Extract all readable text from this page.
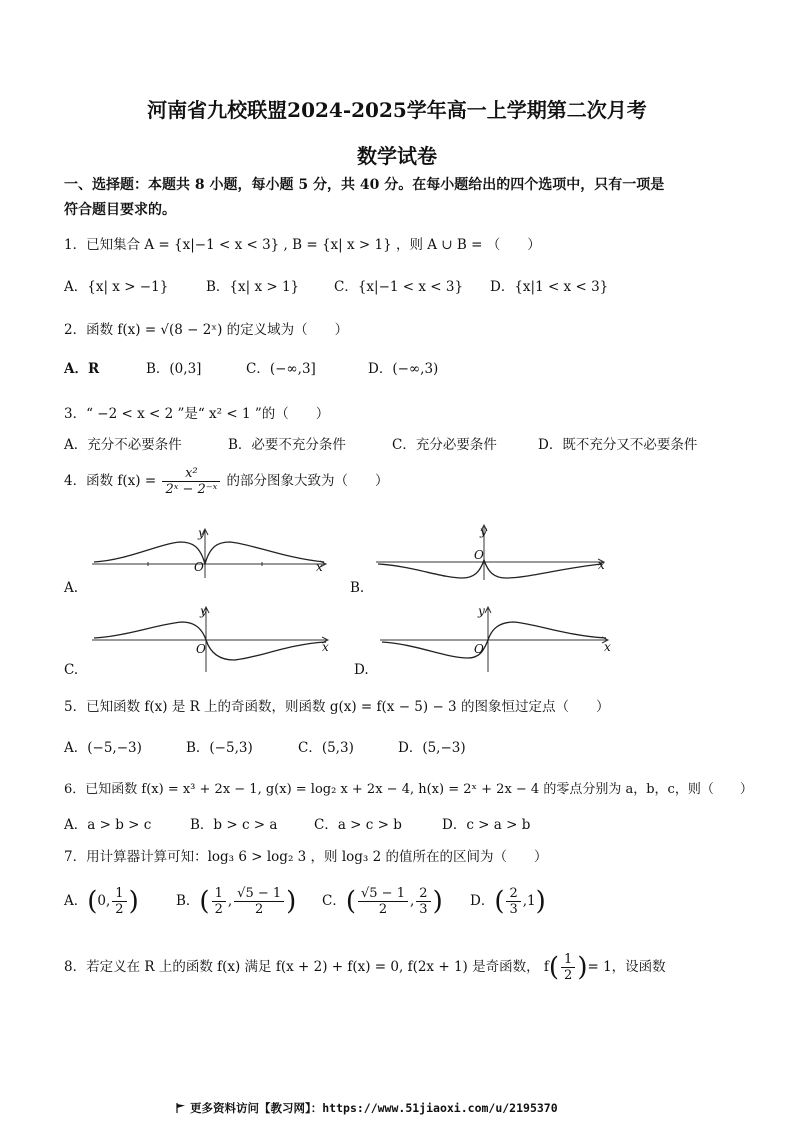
河南省九校联盟2024-2025学年高一上学期第二次月考
数学试卷
一、选择题：本题共 8 小题，每小题 5 分，共 40 分。在每小题给出的四个选项中，只有一项是
符合题目要求的。
1．已知集合 A = {x|−1 < x < 3} , B = {x| x > 1} ，则 A ∪ B = （　　）
A．{x| x > −1}	B．{x| x > 1}	C．{x|−1 < x < 3} D．{x|1 < x < 3}
2．函数 f(x) = √(8 − 2ˣ) 的定义域为（　　）
A．R	B．(0,3]	C．(−∞,3]	D．(−∞,3)
3．“ −2 < x < 2 ”是“ x² < 1 ”的（　　）
A．充分不必要条件	B．必要不充分条件	C．充分必要条件	D．既不充分又不必要条件
4．函数 $f(x) = \frac{\text{x²}}{\text{2ˣ − 2⁻ˣ}}$ 的部分图象大致为（　　）
y
O	x
A.
y
O
x
B.
y
O	x
C.
y
O	x
D.
5．已知函数 f(x) 是 R 上的奇函数，则函数 g(x) = f(x − 5) − 3 的图象恒过定点（　　）
A．(−5,−3)	B．(−5,3)	C．(5,3)	D．(5,−3)
6．已知函数 f(x) = x³ + 2x − 1, g(x) = log₂ x + 2x − 4, h(x) = 2ˣ + 2x − 4 的零点分别为 a，b，c，则（　　）
A．a > b > c	B．b > c > a	C．a > c > b	D．c > a > b
7．用计算器计算可知：log₃ 6 > log₂ 3 ，则 log₃ 2 的值所在的区间为（　　）
A．(0, $\frac{1}{2}$ )	B．( $\frac{1}{2}$ , $\frac{√5 - 1}{2}$ ) C．( $\frac{√5 - 1}{2}$ , $\frac{2}{3}$ ) D．( $\frac{2}{3} ,1$)
8．若定义在 R 上的函数 f(x) 满足 f(x + 2) + f(x) = 0, f(2x + 1) 是奇函数， $f( \frac{1}{2}$ )= 1，设函数
更多资料访问【教习网】：https://www.51jiaoxi.com/u/2195370
